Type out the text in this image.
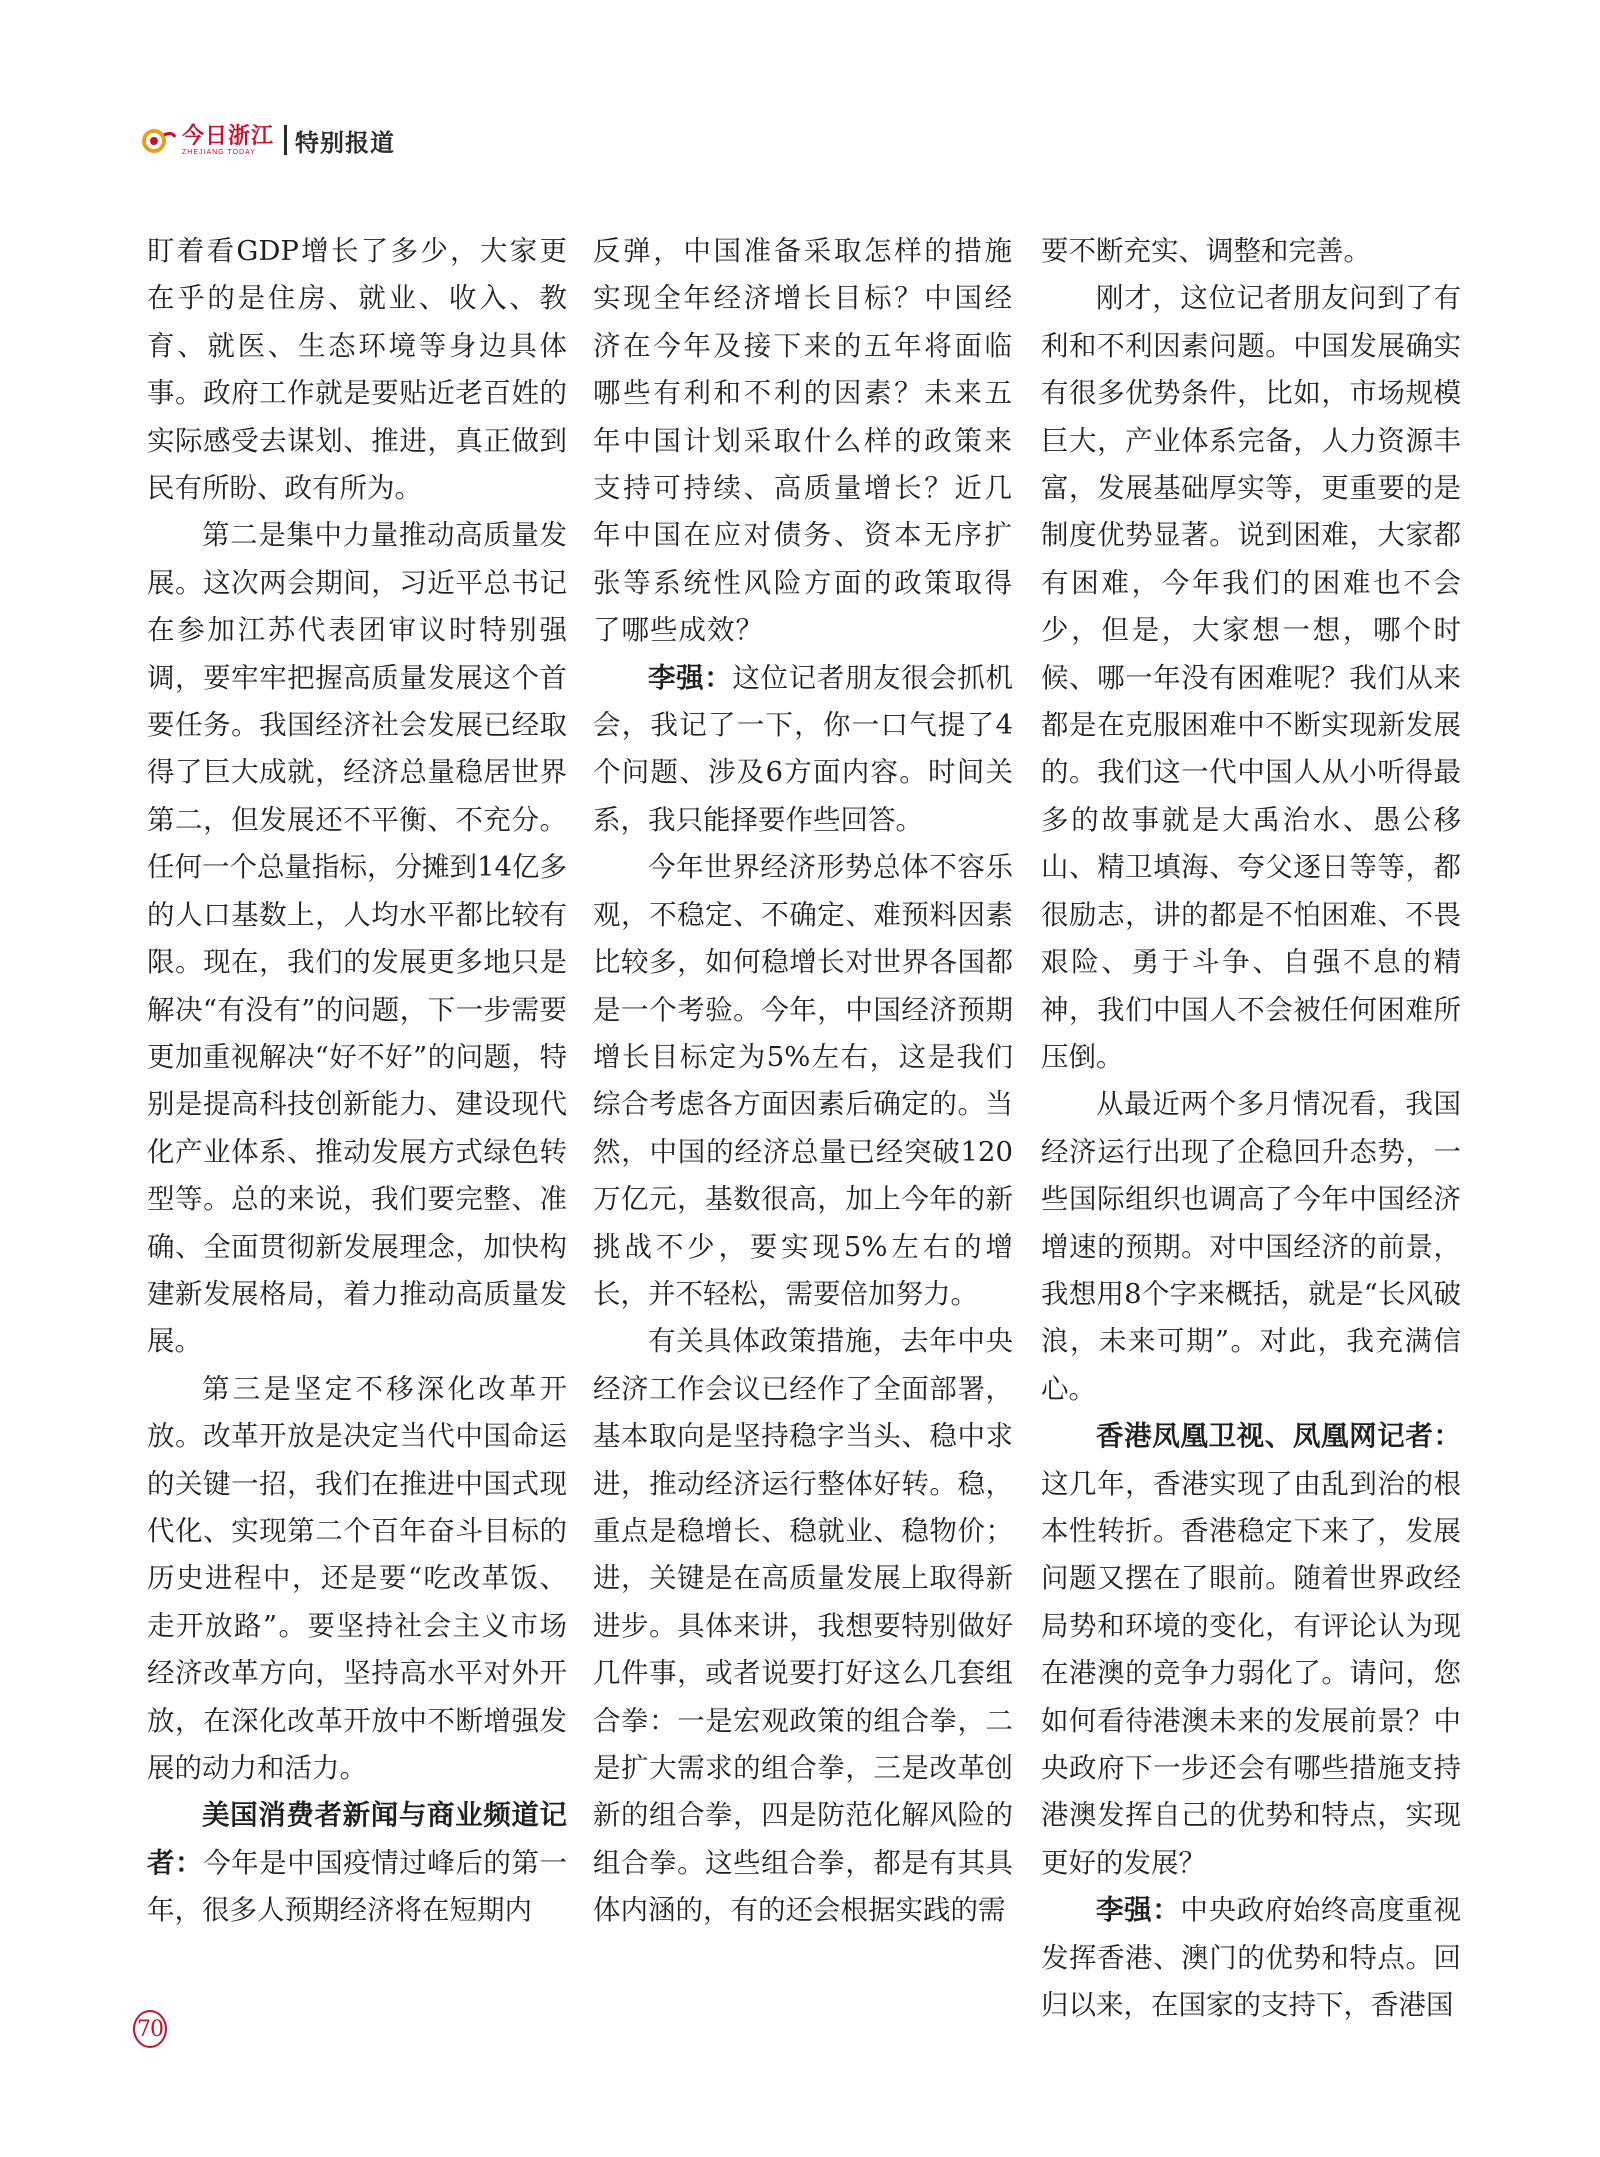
今日浙江
ZHEJIANG TODAY	特别报道

盯着看GDP增长了多少，大家更在乎的是住房、就业、收入、教育、就医、生态环境等身边具体事。政府工作就是要贴近老百姓的实际感受去谋划、推进，真正做到民有所盼、政有所为。

第二是集中力量推动高质量发展。这次两会期间，习近平总书记在参加江苏代表团审议时特别强调，要牢牢把握高质量发展这个首要任务。我国经济社会发展已经取得了巨大成就，经济总量稳居世界第二，但发展还不平衡、不充分。任何一个总量指标，分摊到14亿多的人口基数上，人均水平都比较有限。现在，我们的发展更多地只是解决“有没有”的问题，下一步需要更加重视解决“好不好”的问题，特别是提高科技创新能力、建设现代化产业体系、推动发展方式绿色转型等。总的来说，我们要完整、准确、全面贯彻新发展理念，加快构建新发展格局，着力推动高质量发展。

第三是坚定不移深化改革开放。改革开放是决定当代中国命运的关键一招，我们在推进中国式现代化、实现第二个百年奋斗目标的历史进程中，还是要“吃改革饭、走开放路”。要坚持社会主义市场经济改革方向，坚持高水平对外开放，在深化改革开放中不断增强发展的动力和活力。

美国消费者新闻与商业频道记者：今年是中国疫情过峰后的第一年，很多人预期经济将在短期内

反弹，中国准备采取怎样的措施实现全年经济增长目标？中国经济在今年及接下来的五年将面临哪些有利和不利的因素？未来五年中国计划采取什么样的政策来支持可持续、高质量增长？近几年中国在应对债务、资本无序扩张等系统性风险方面的政策取得了哪些成效？

李强：这位记者朋友很会抓机会，我记了一下，你一口气提了4个问题、涉及6方面内容。时间关系，我只能择要作些回答。

今年世界经济形势总体不容乐观，不稳定、不确定、难预料因素比较多，如何稳增长对世界各国都是一个考验。今年，中国经济预期增长目标定为5%左右，这是我们综合考虑各方面因素后确定的。当然，中国的经济总量已经突破120万亿元，基数很高，加上今年的新挑战不少，要实现5%左右的增长，并不轻松，需要倍加努力。

有关具体政策措施，去年中央经济工作会议已经作了全面部署，基本取向是坚持稳字当头、稳中求进，推动经济运行整体好转。稳，重点是稳增长、稳就业、稳物价；进，关键是在高质量发展上取得新进步。具体来讲，我想要特别做好几件事，或者说要打好这么几套组合拳：一是宏观政策的组合拳，二是扩大需求的组合拳，三是改革创新的组合拳，四是防范化解风险的组合拳。这些组合拳，都是有其具体内涵的，有的还会根据实践的需

要不断充实、调整和完善。

刚才，这位记者朋友问到了有利和不利因素问题。中国发展确实有很多优势条件，比如，市场规模巨大，产业体系完备，人力资源丰富，发展基础厚实等，更重要的是制度优势显著。说到困难，大家都有困难，今年我们的困难也不会少，但是，大家想一想，哪个时候、哪一年没有困难呢？我们从来都是在克服困难中不断实现新发展的。我们这一代中国人从小听得最多的故事就是大禹治水、愚公移山、精卫填海、夸父逐日等等，都很励志，讲的都是不怕困难、不畏艰险、勇于斗争、自强不息的精神，我们中国人不会被任何困难所压倒。

从最近两个多月情况看，我国经济运行出现了企稳回升态势，一些国际组织也调高了今年中国经济增速的预期。对中国经济的前景，我想用8个字来概括，就是“长风破浪，未来可期”。对此，我充满信心。

香港凤凰卫视、凤凰网记者：这几年，香港实现了由乱到治的根本性转折。香港稳定下来了，发展问题又摆在了眼前。随着世界政经局势和环境的变化，有评论认为现在港澳的竞争力弱化了。请问，您如何看待港澳未来的发展前景？中央政府下一步还会有哪些措施支持港澳发挥自己的优势和特点，实现更好的发展？

李强：中央政府始终高度重视发挥香港、澳门的优势和特点。回归以来，在国家的支持下，香港国

70
